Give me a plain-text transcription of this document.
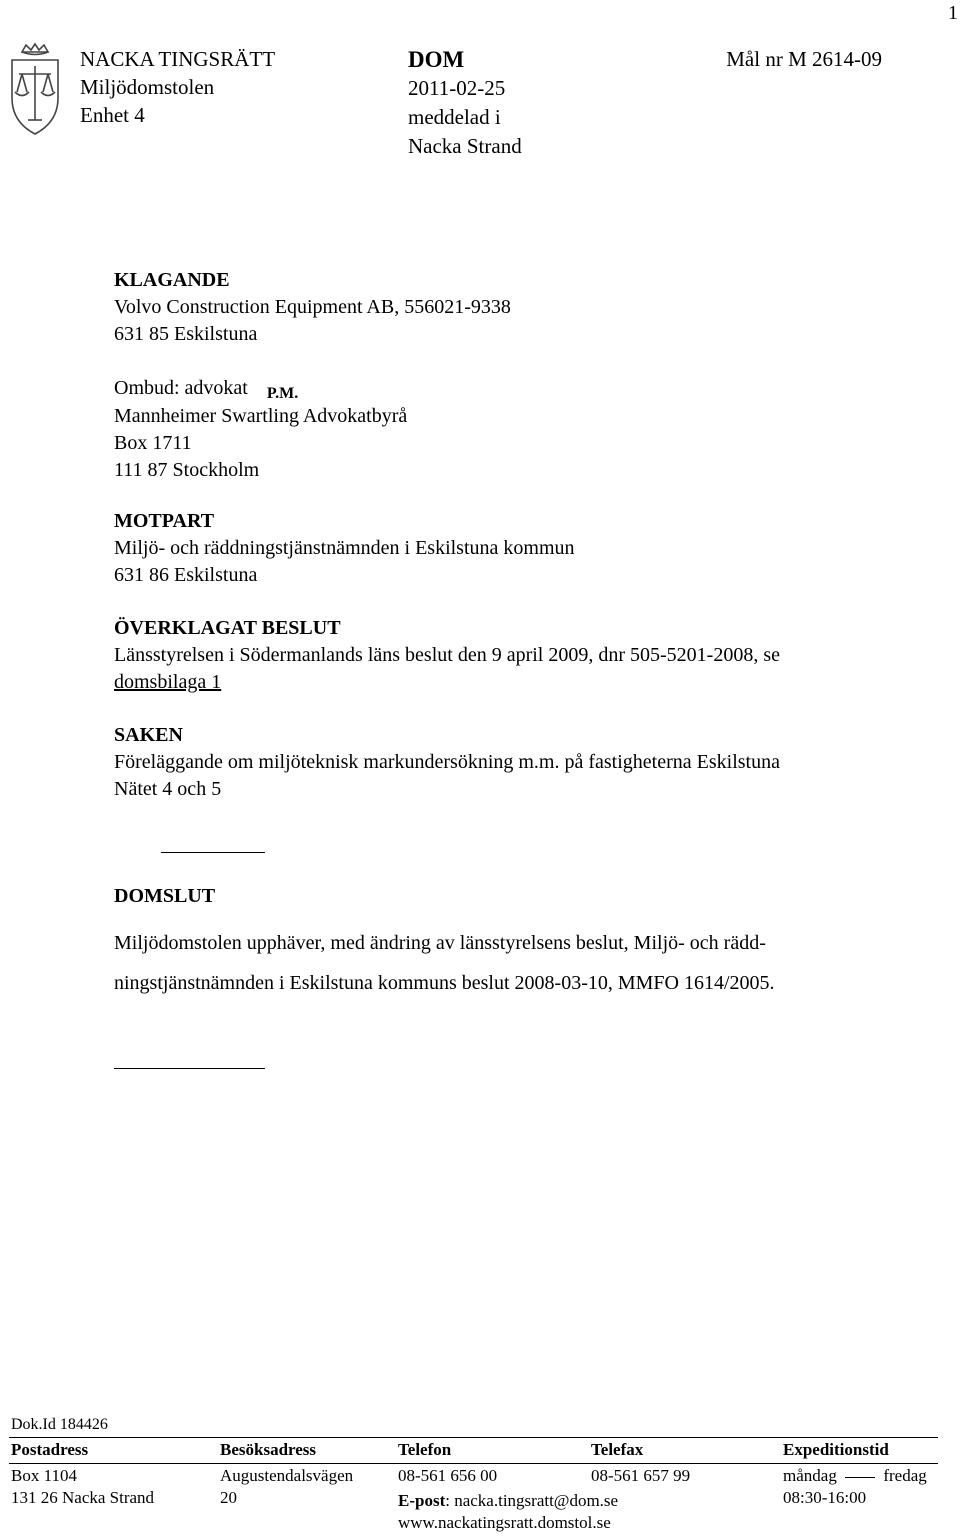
1
NACKA TINGSRÄTT
Miljödomstolen
Enhet 4
DOM
2011-02-25
meddelad i
Nacka Strand
Mål nr M 2614-09
KLAGANDE
Volvo Construction Equipment AB, 556021-9338
631 85 Eskilstuna
Ombud: advokat $_{P.M.}$
Mannheimer Swartling Advokatbyrå
Box 1711
111 87 Stockholm
MOTPART
Miljö- och räddningstjänstnämnden i Eskilstuna kommun
631 86 Eskilstuna
ÖVERKLAGAT BESLUT
Länsstyrelsen i Södermanlands läns beslut den 9 april 2009, dnr 505-5201-2008, se
domsbilaga 1
SAKEN
Föreläggande om miljöteknisk markundersökning m.m. på fastigheterna Eskilstuna
Nätet 4 och 5
DOMSLUT
Miljödomstolen upphäver, med ändring av länsstyrelsens beslut, Miljö- och rädd-
ningstjänstnämnden i Eskilstuna kommuns beslut 2008-03-10, MMFO 1614/2005.
Dok.Id 184426
Postadress
Box 1104
131 26 Nacka Strand
Besöksadress
Augustendalsvägen
20
Telefon
08-561 656 00
E-post: nacka.tingsratt@dom.se
www.nackatingsratt.domstol.se
Telefax
08-561 657 99
Expeditionstid
måndag	fredag
08:30-16:00
